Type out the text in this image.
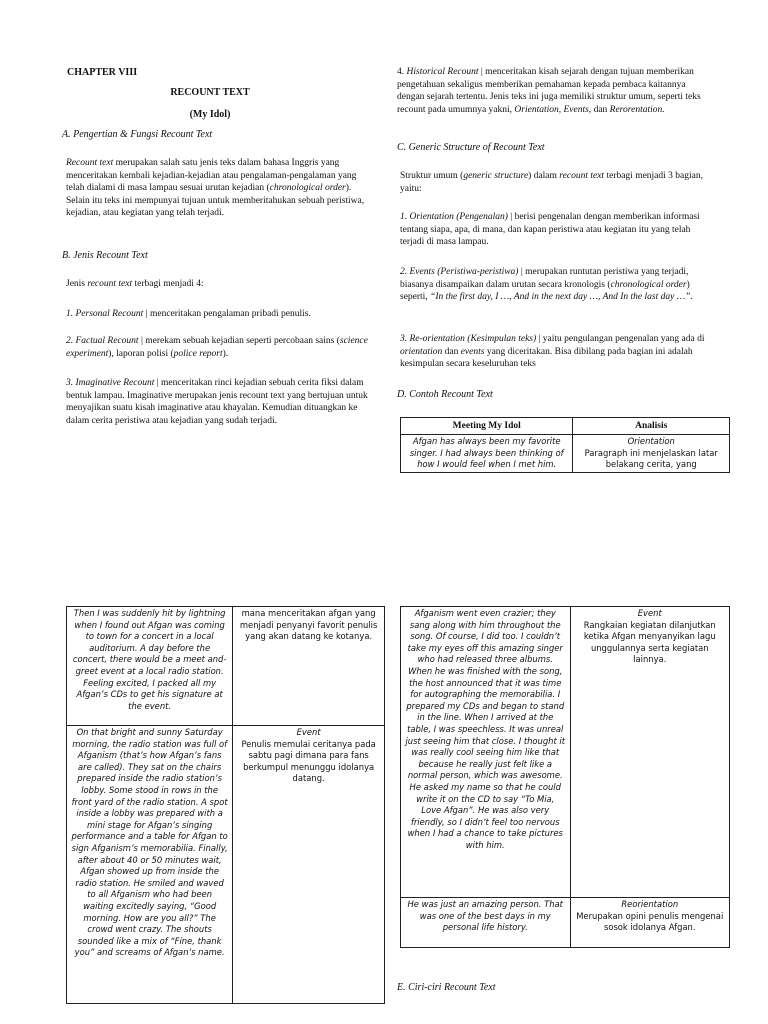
CHAPTER VIII
RECOUNT TEXT
(My Idol)
A. Pengertian & Fungsi Recount Text
Recount text merupakan salah satu jenis teks dalam bahasa Inggris yang menceritakan kembali kejadian-kejadian atau pengalaman-pengalaman yang telah dialami di masa lampau sesuai urutan kejadian (chronological order). Selain itu teks ini mempunyai tujuan untuk memberitahukan sebuah peristiwa, kejadian, atau kegiatan yang telah terjadi.
B. Jenis Recount Text
Jenis recount text terbagi menjadi 4:
1. Personal Recount | menceritakan pengalaman pribadi penulis.
2. Factual Recount | merekam sebuah kejadian seperti percobaan sains (science experiment), laporan polisi (police report).
3. Imaginative Recount | menceritakan rinci kejadian sebuah cerita fiksi dalam bentuk lampau. Imaginative merupakan jenis recount text yang bertujuan untuk menyajikan suatu kisah imaginative atau khayalan. Kemudian dituangkan ke dalam cerita peristiwa atau kejadian yang sudah terjadi.
4. Historical Recount | menceritakan kisah sejarah dengan tujuan memberikan pengetahuan sekaligus memberikan pemahaman kepada pembaca kaitannya dengan sejarah tertentu. Jenis teks ini juga memiliki struktur umum, seperti teks recount pada umumnya yakni, Orientation, Events, dan Rerorentation.
C. Generic Structure of Recount Text
Struktur umum (generic structure) dalam recount text terbagi menjadi 3 bagian, yaitu:
1. Orientation (Pengenalan) | berisi pengenalan dengan memberikan informasi tentang siapa, apa, di mana, dan kapan peristiwa atau kegiatan itu yang telah terjadi di masa lampau.
2. Events (Peristiwa-peristiwa) | merupakan runtutan peristiwa yang terjadi, biasanya disampaikan dalam urutan secara kronologis (chronological order) seperti, “In the first day, I …, And in the next day …, And In the last day …”.
3. Re-orientation (Kesimpulan teks) | yaitu pengulangan pengenalan yang ada di orientation dan events yang diceritakan. Bisa dibilang pada bagian ini adalah kesimpulan secara keseluruhan teks
D. Contoh Recount Text
Meeting My Idol	Analisis
Afgan has always been my favorite singer. I had always been thinking of how I would feel when I met him.	Orientation
Paragraph ini menjelaskan latar belakang cerita, yang
Then I was suddenly hit by lightning when I found out Afgan was coming to town for a concert in a local auditorium. A day before the concert, there would be a meet and-greet event at a local radio station. Feeling excited, I packed all my Afgan’s CDs to get his signature at the event.	mana menceritakan afgan yang menjadi penyanyi favorit penulis yang akan datang ke kotanya.
On that bright and sunny Saturday morning, the radio station was full of Afganism (that’s how Afgan’s fans are called). They sat on the chairs prepared inside the radio station’s lobby. Some stood in rows in the front yard of the radio station. A spot inside a lobby was prepared with a mini stage for Afgan’s singing performance and a table for Afgan to sign Afganism’s memorabilia. Finally, after about 40 or 50 minutes wait, Afgan showed up from inside the radio station. He smiled and waved to all Afganism who had been waiting excitedly saying, “Good morning. How are you all?” The crowd went crazy. The shouts sounded like a mix of “Fine, thank you” and screams of Afgan’s name.	Event
Penulis memulai ceritanya pada sabtu pagi dimana para fans berkumpul menunggu idolanya datang.
Afganism went even crazier; they sang along with him throughout the song. Of course, I did too. I couldn’t take my eyes off this amazing singer who had released three albums. When he was finished with the song, the host announced that it was time for autographing the memorabilia. I prepared my CDs and began to stand in the line. When I arrived at the table, I was speechless. It was unreal just seeing him that close. I thought it was really cool seeing him like that because he really just felt like a normal person, which was awesome. He asked my name so that he could write it on the CD to say “To Mia, Love Afgan”. He was also very friendly, so I didn’t feel too nervous when I had a chance to take pictures with him.	Event
Rangkaian kegiatan dilanjutkan ketika Afgan menyanyikan lagu unggulannya serta kegiatan lainnya.
He was just an amazing person. That was one of the best days in my personal life history.	Reorientation
Merupakan opini penulis mengenai sosok idolanya Afgan.
E. Ciri-ciri Recount Text
